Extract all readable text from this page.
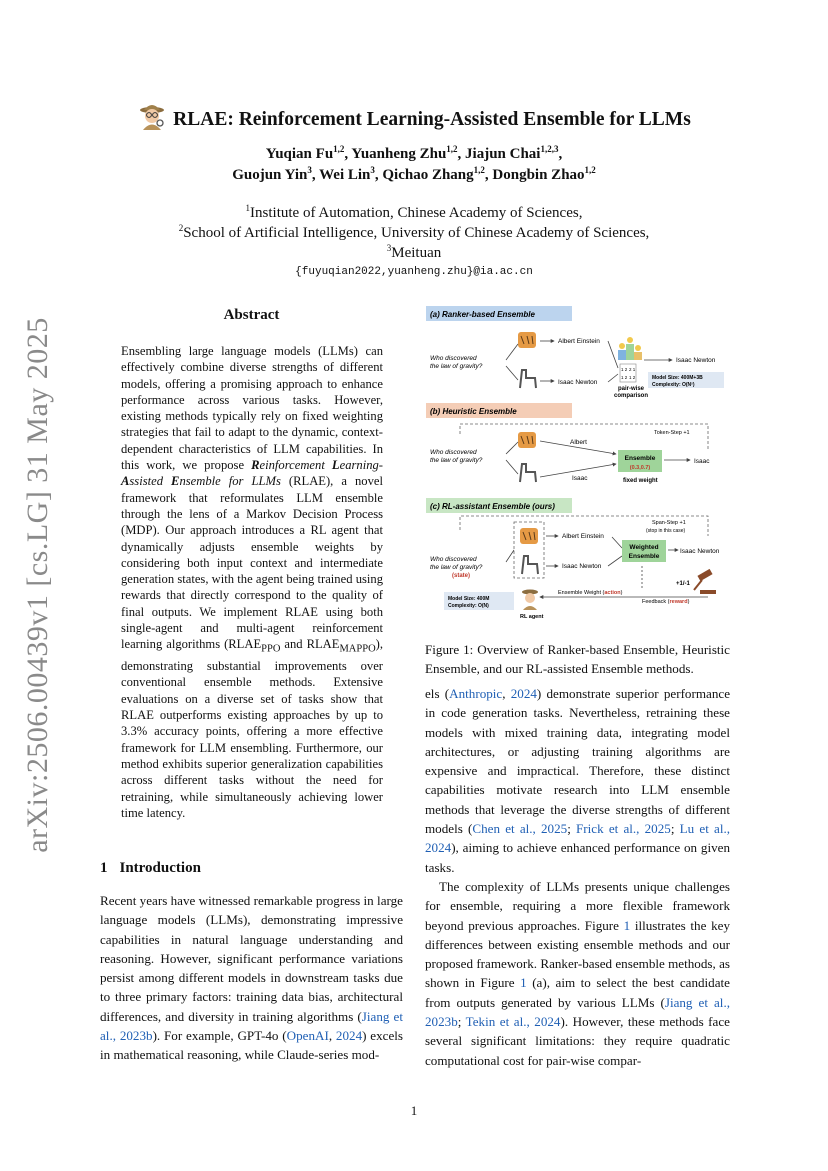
arXiv:2506.00439v1 [cs.LG] 31 May 2025
RLAE: Reinforcement Learning-Assisted Ensemble for LLMs
Yuqian Fu$^{1,2}$, Yuanheng Zhu$^{1,2}$, Jiajun Chai$^{1,2,3}$,
Guojun Yin$^3$, Wei Lin$^3$, Qichao Zhang$^{1,2}$, Dongbin Zhao$^{1,2}$
$^1$Institute of Automation, Chinese Academy of Sciences,
$^2$School of Artificial Intelligence, University of Chinese Academy of Sciences,
$^3$Meituan
{fuyuqian2022,yuanheng.zhu}@ia.ac.cn
Abstract

Ensembling large language models (LLMs) can effectively combine diverse strengths of different models, offering a promising approach to enhance performance across various tasks. However, existing methods typically rely on fixed weighting strategies that fail to adapt to the dynamic, context-dependent characteristics of LLM capabilities. In this work, we propose Reinforcement Learning-Assisted Ensemble for LLMs (RLAE), a novel framework that reformulates LLM ensemble through the lens of a Markov Decision Process (MDP). Our approach introduces a RL agent that dynamically adjusts ensemble weights by considering both input context and intermediate generation states, with the agent being trained using rewards that directly correspond to the quality of final outputs. We implement RLAE using both single-agent and multi-agent reinforcement learning algorithms ($RLAE_{PPO}$ and $RLAE_{MAPPO}$), demonstrating substantial improvements over conventional ensemble methods. Extensive evaluations on a diverse set of tasks show that RLAE outperforms existing approaches by up to 3.3% accuracy points, offering a more effective framework for LLM ensembling. Furthermore, our method exhibits superior generalization capabilities across different tasks without the need for retraining, while simultaneously achieving lower time latency.

1 Introduction

Recent years have witnessed remarkable progress in large language models (LLMs), demonstrating impressive capabilities in natural language understanding and reasoning. However, significant performance variations persist among different models in downstream tasks due to three primary factors: training data bias, architectural differences, and diversity in training algorithms (Jiang et al., 2023b). For example, GPT-4o (OpenAI, 2024) excels in mathematical reasoning, while Claude-series mod-

(a) Ranker-based Ensemble
Who discovered
the law of gravity?
Albert Einstein
Isaac Newton
1 2 2 1
1 2 1 2
pair-wise
comparison
Isaac Newton
Model Size: 400M+3B
Complexity: O(N²)
(b) Heuristic Ensemble
Token-Step +1
Who discovered
the law of gravity?
Albert
Isaac
Ensemble
(0.3,0.7)
fixed weight
Isaac
(c) RL-assistant Ensemble (ours)
Span-Step +1
(stop in this case)
Who discovered
the law of gravity?
(state)
Albert Einstein
Isaac Newton
Weighted
Ensemble
Isaac Newton
+1/-1
Ensemble Weight (action)
Feedback (reward)
Model Size: 400M
Complexity: O(N)
RL agent
Figure 1: Overview of Ranker-based Ensemble, Heuristic Ensemble, and our RL-assisted Ensemble methods.

els (Anthropic, 2024) demonstrate superior performance in code generation tasks. Nevertheless, retraining these models with mixed training data, integrating model architectures, or adjusting training algorithms are expensive and impractical. Therefore, these distinct capabilities motivate research into LLM ensemble methods that leverage the diverse strengths of different models (Chen et al., 2025; Frick et al., 2025; Lu et al., 2024), aiming to achieve enhanced performance on given tasks.

The complexity of LLMs presents unique challenges for ensemble, requiring a more flexible framework beyond previous approaches. Figure 1 illustrates the key differences between existing ensemble methods and our proposed framework. Ranker-based ensemble methods, as shown in Figure 1 (a), aim to select the best candidate from outputs generated by various LLMs (Jiang et al., 2023b; Tekin et al., 2024). However, these methods face several significant limitations: they require quadratic computational cost for pair-wise compar-

1
